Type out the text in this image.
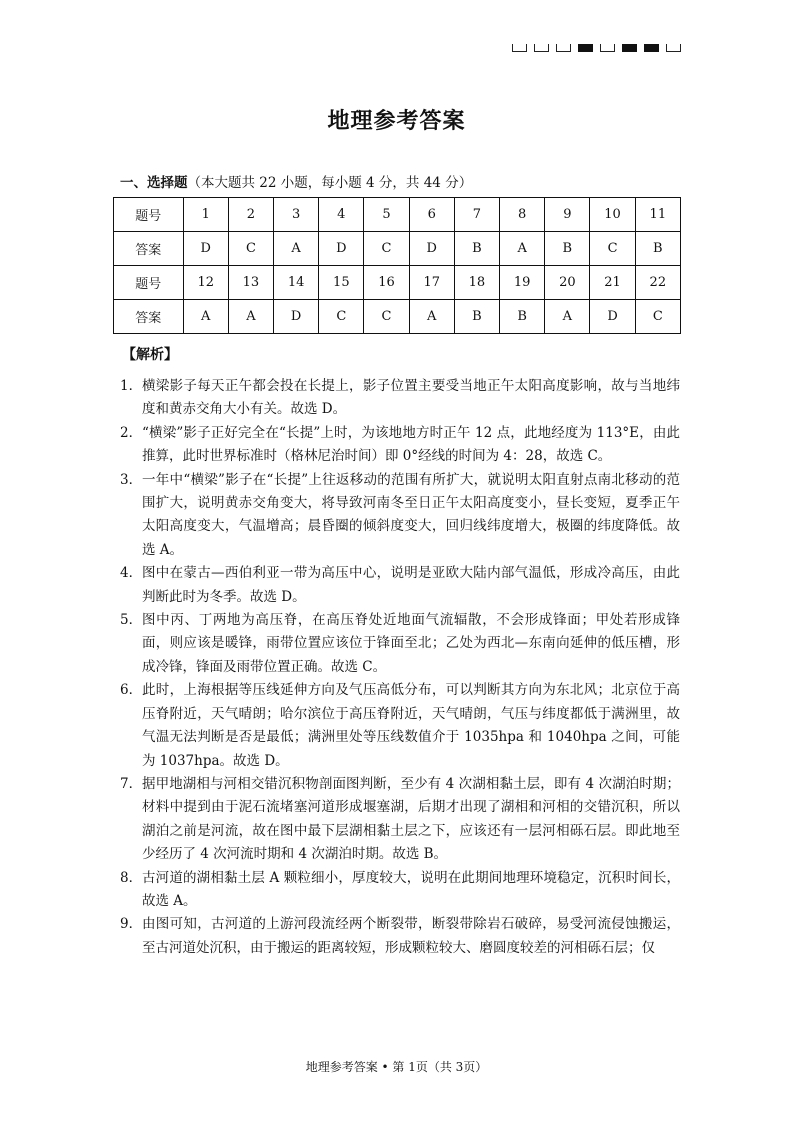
地理参考答案
一、选择题（本大题共 22 小题，每小题 4 分，共 44 分）
题号	1	2	3	4	5	6	7	8	9	10	11
答案	D	C	A	D	C	D	B	A	B	C	B
题号	12	13	14	15	16	17	18	19	20	21	22
答案	A	A	D	C	C	A	B	B	A	D	C
【解析】
1． 横梁影子每天正午都会投在长提上，影子位置主要受当地正午太阳高度影响，故与当地纬度和黄赤交角大小有关。故选 D。
2． “横梁”影子正好完全在“长提”上时，为该地地方时正午 12 点，此地经度为 113°E，由此推算，此时世界标准时（格林尼治时间）即 0°经线的时间为 4：28，故选 C。
3． 一年中“横梁”影子在“长提”上往返移动的范围有所扩大，就说明太阳直射点南北移动的范围扩大，说明黄赤交角变大，将导致河南冬至日正午太阳高度变小，昼长变短，夏季正午太阳高度变大，气温增高；晨昏圈的倾斜度变大，回归线纬度增大，极圈的纬度降低。故选 A。
4． 图中在蒙古—西伯利亚一带为高压中心，说明是亚欧大陆内部气温低，形成冷高压，由此判断此时为冬季。故选 D。
5． 图中丙、丁两地为高压脊，在高压脊处近地面气流辐散，不会形成锋面；甲处若形成锋面，则应该是暖锋，雨带位置应该位于锋面至北；乙处为西北—东南向延伸的低压槽，形成冷锋，锋面及雨带位置正确。故选 C。
6． 此时，上海根据等压线延伸方向及气压高低分布，可以判断其方向为东北风；北京位于高压脊附近，天气晴朗；哈尔滨位于高压脊附近，天气晴朗，气压与纬度都低于满洲里，故气温无法判断是否是最低；满洲里处等压线数值介于 1035hpa 和 1040hpa 之间，可能为 1037hpa。故选 D。
7． 据甲地湖相与河相交错沉积物剖面图判断，至少有 4 次湖相黏土层，即有 4 次湖泊时期；材料中提到由于泥石流堵塞河道形成堰塞湖，后期才出现了湖相和河相的交错沉积，所以湖泊之前是河流，故在图中最下层湖相黏土层之下，应该还有一层河相砾石层。即此地至少经历了 4 次河流时期和 4 次湖泊时期。故选 B。
8． 古河道的湖相黏土层 A 颗粒细小，厚度较大，说明在此期间地理环境稳定，沉积时间长，故选 A。
9． 由图可知，古河道的上游河段流经两个断裂带，断裂带除岩石破碎，易受河流侵蚀搬运，至古河道处沉积，由于搬运的距离较短，形成颗粒较大、磨圆度较差的河相砾石层；仅
地理参考答案 • 第 1页（共 3页）
